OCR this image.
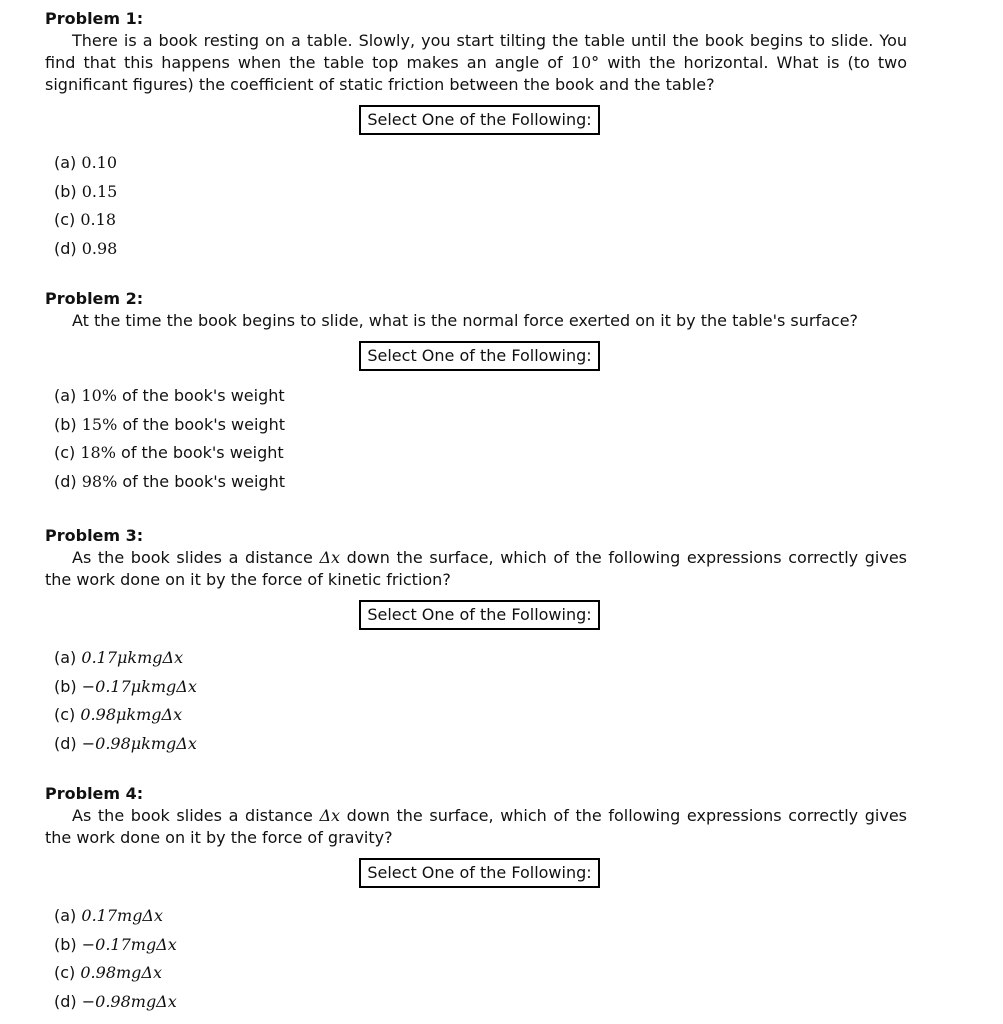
Problem 1:

There is a book resting on a table. Slowly, you start tilting the table until the book begins to slide. You find that this happens when the table top makes an angle of 10° with the horizontal. What is (to two significant figures) the coefficient of static friction between the book and the table?

Select One of the Following:
(a) 0.10
(b) 0.15
(c) 0.18
(d) 0.98

Problem 2:

At the time the book begins to slide, what is the normal force exerted on it by the table's surface?

Select One of the Following:
(a) 10% of the book's weight
(b) 15% of the book's weight
(c) 18% of the book's weight
(d) 98% of the book's weight

Problem 3:

As the book slides a distance Δx down the surface, which of the following expressions correctly gives the work done on it by the force of kinetic friction?

Select One of the Following:
(a) 0.17μkmgΔx
(b) −0.17μkmgΔx
(c) 0.98μkmgΔx
(d) −0.98μkmgΔx

Problem 4:

As the book slides a distance Δx down the surface, which of the following expressions correctly gives the work done on it by the force of gravity?

Select One of the Following:
(a) 0.17mgΔx
(b) −0.17mgΔx
(c) 0.98mgΔx
(d) −0.98mgΔx
